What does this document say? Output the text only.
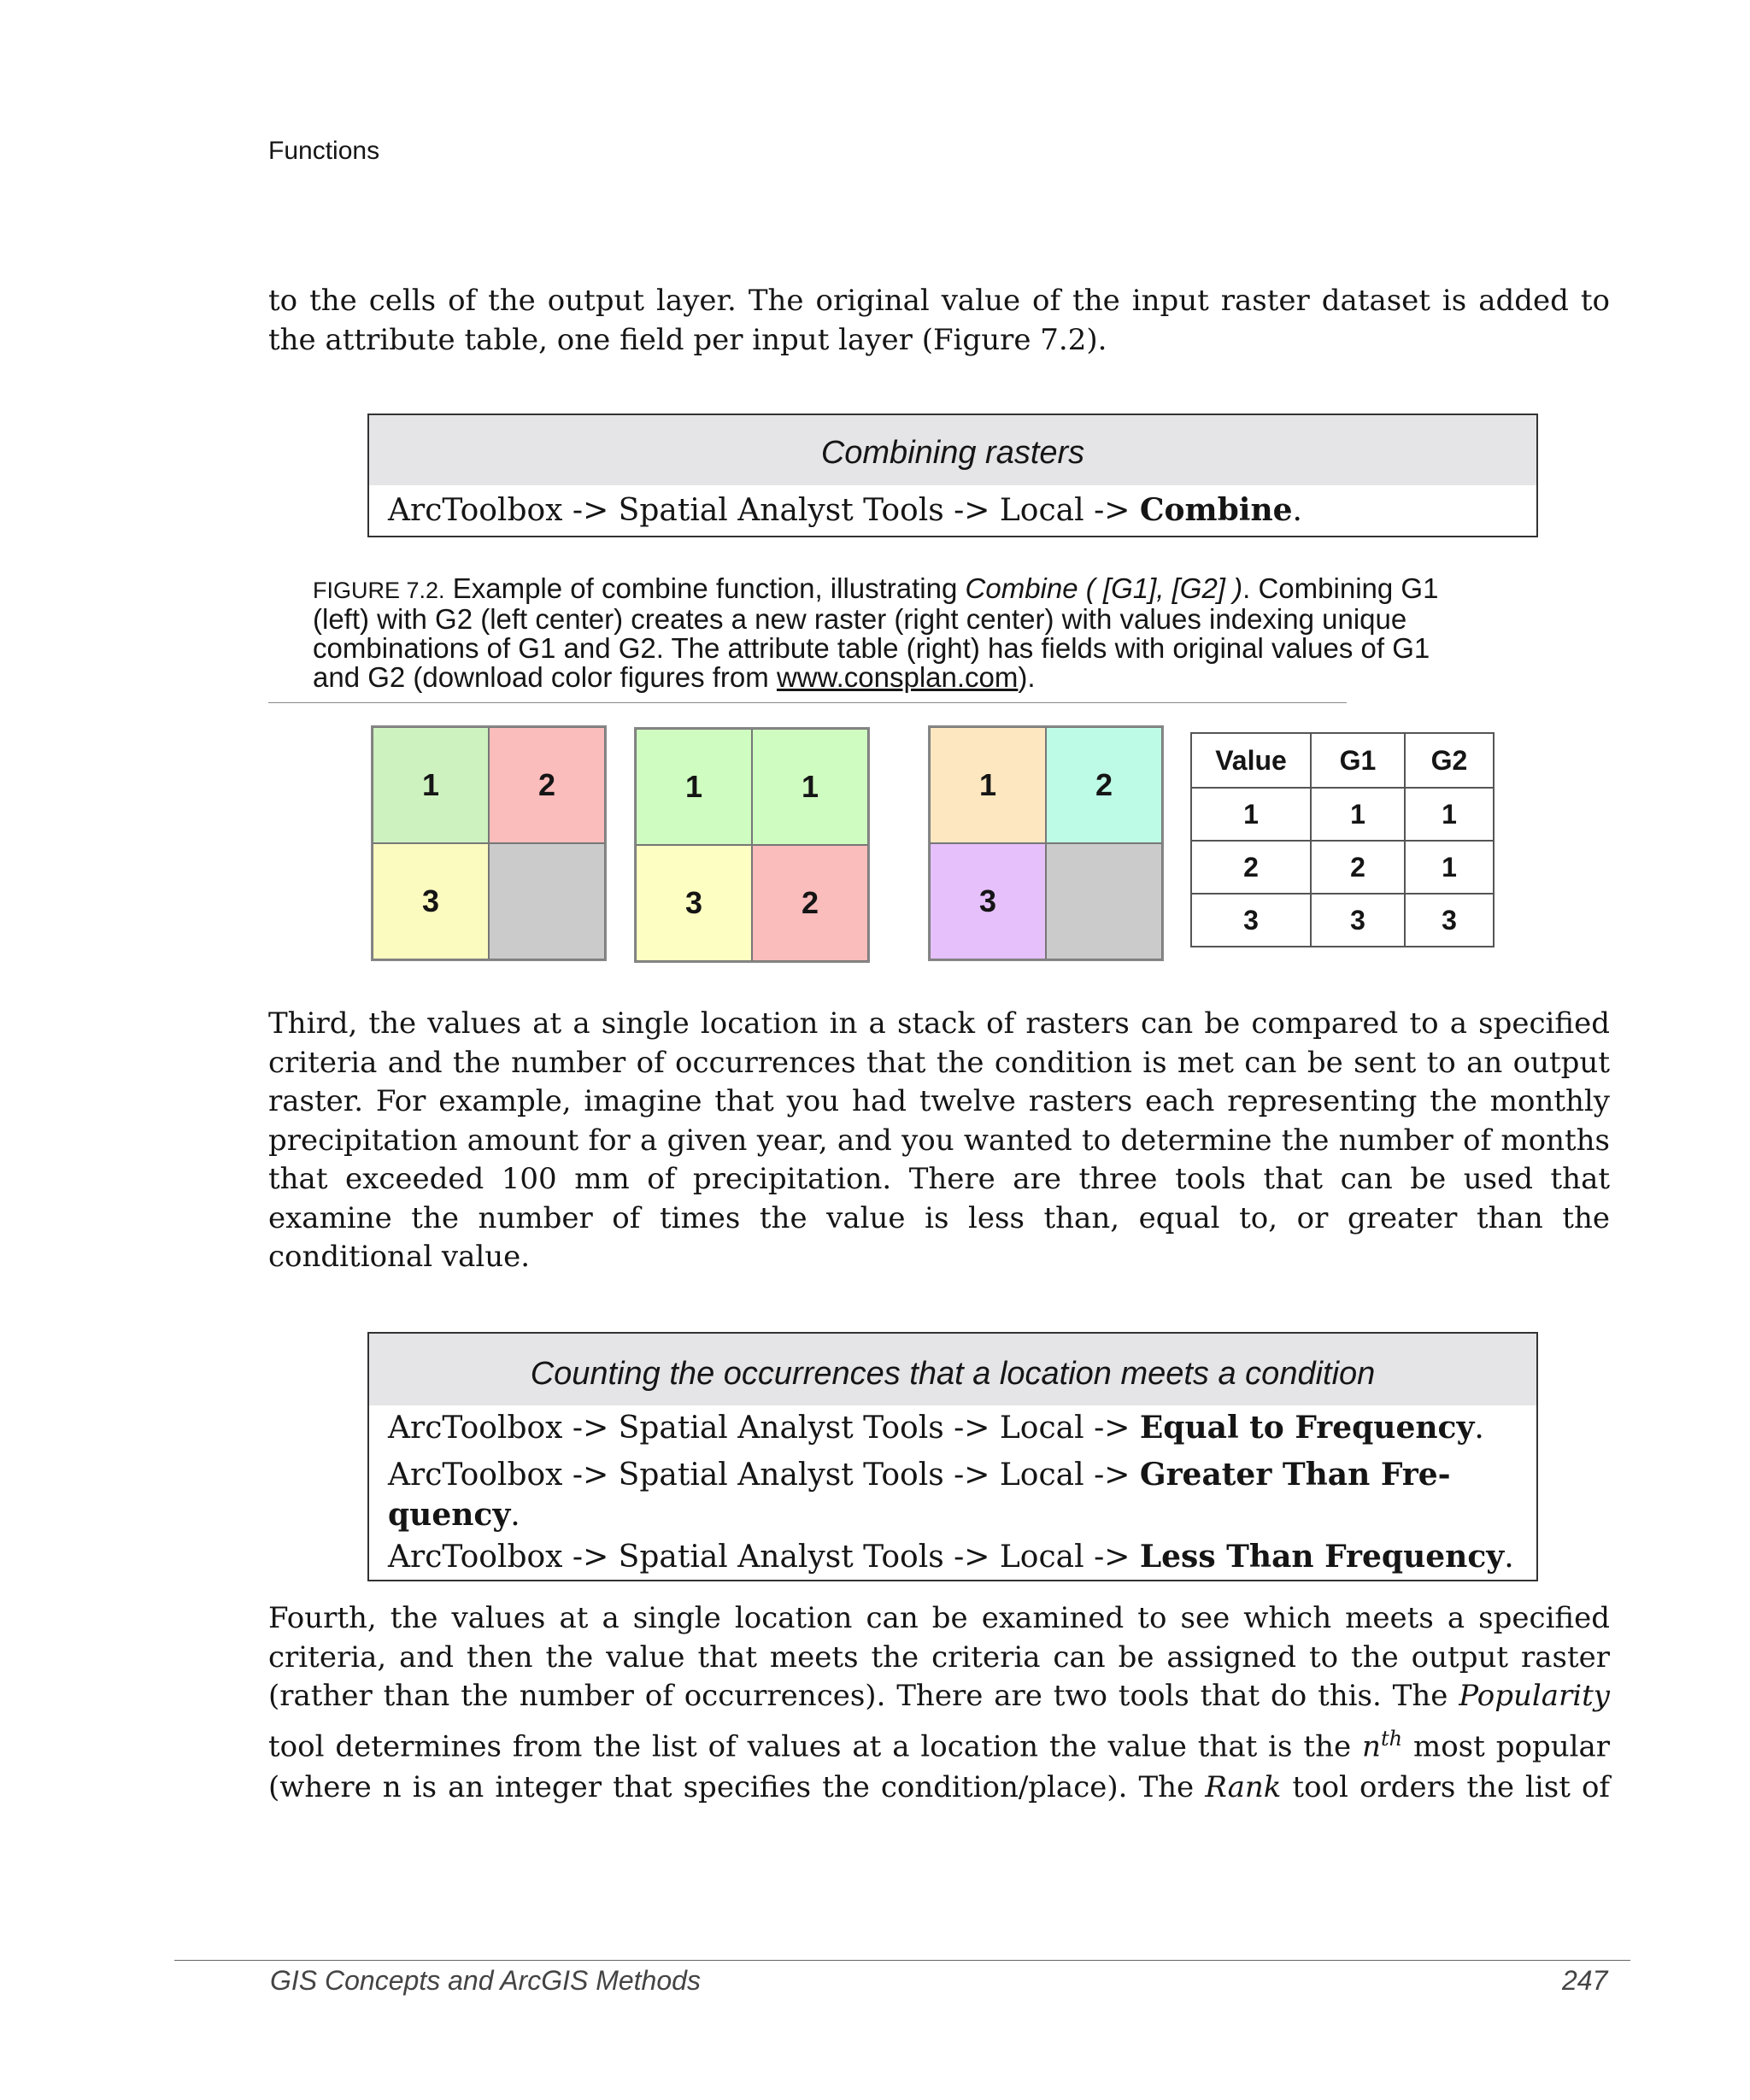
Functions
to the cells of the output layer. The original value of the input raster dataset is added to
the attribute table, one field per input layer (Figure 7.2).
Combining rasters
ArcToolbox -> Spatial Analyst Tools -> Local -> Combine.
FIGURE 7.2. Example of combine function, illustrating Combine ( [G1], [G2] ). Combining G1
(left) with G2 (left center) creates a new raster (right center) with values indexing unique
combinations of G1 and G2. The attribute table (right) has fields with original values of G1
and G2 (download color figures from www.consplan.com).
1	2
3
1	1
3	2
1	2
3
Value	G1	G2
1	1	1
2	2	1
3	3	3
Third, the values at a single location in a stack of rasters can be compared to a specified
criteria and the number of occurrences that the condition is met can be sent to an output
raster. For example, imagine that you had twelve rasters each representing the monthly
precipitation amount for a given year, and you wanted to determine the number of months
that exceeded 100 mm of precipitation. There are three tools that can be used that
examine the number of times the value is less than, equal to, or greater than the
conditional value.
Counting the occurrences that a location meets a condition
ArcToolbox -> Spatial Analyst Tools -> Local -> Equal to Frequency.
ArcToolbox -> Spatial Analyst Tools -> Local -> Greater Than Fre-
quency.
ArcToolbox -> Spatial Analyst Tools -> Local -> Less Than Frequency.
Fourth, the values at a single location can be examined to see which meets a specified
criteria, and then the value that meets the criteria can be assigned to the output raster
(rather than the number of occurrences). There are two tools that do this. The Popularity
tool determines from the list of values at a location the value that is the $n^{th}$ most popular
(where n is an integer that specifies the condition/place). The Rank tool orders the list of
GIS Concepts and ArcGIS Methods	247
